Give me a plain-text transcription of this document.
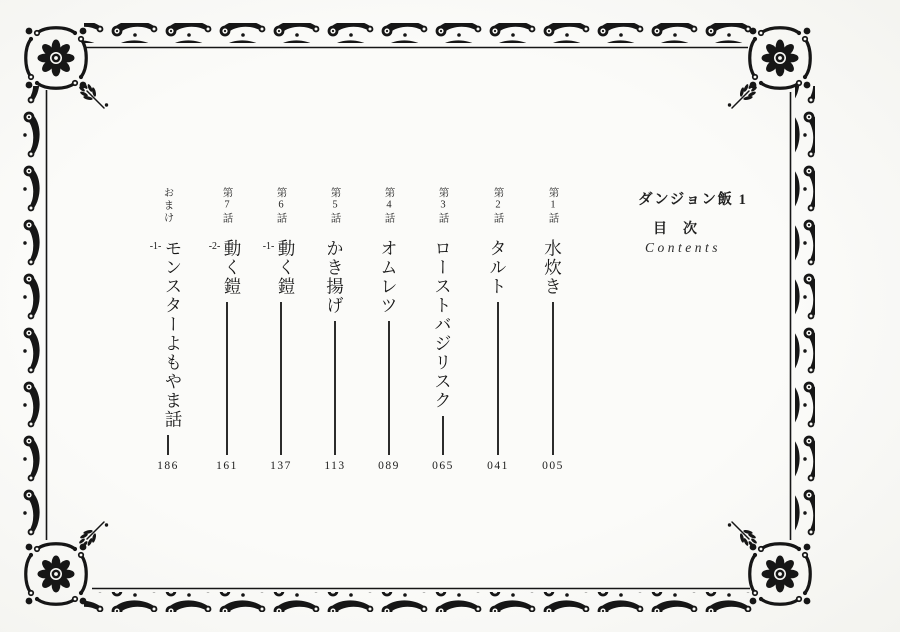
ダンジョン飯 1
目次
Contents
第1話
水炊き
005
第2話
タルト
041
第3話
ローストバジリスク
065
第4話
オムレツ
089
第5話
かき揚げ
113
第6話
動く鎧
-1-
137
第7話
動く鎧
-2-
161
おまけ
モンスターよもやま話
-1-
186
